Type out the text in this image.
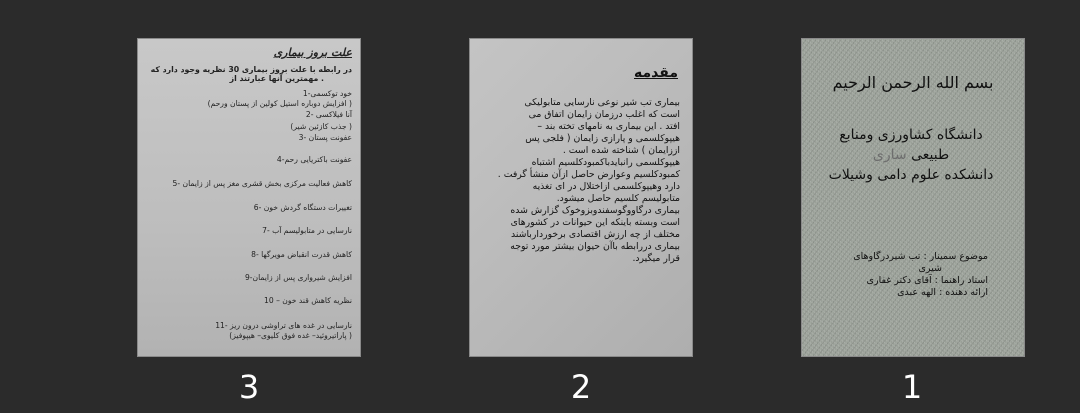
بسم الله الرحمن الرحیم
دانشگاه کشاورزی ومنابع
طبیعی ساری
دانشکده علوم دامی وشیلات
موضوع سمینار : تب شیردرگاوهای
شیری
استاد راهنما : آقای دکتر غفاری
ارائه دهنده : الهه عبدی
1
مقدمه
بیماری تب شیر نوعی نارسایی متابولیکی
است که اغلب درزمان زایمان اتفاق می
افتد . این بیماری به نامهای تخته بند –
هیپوکلسمی و پارازی زایمان ( فلجی پس
اززایمان ) شناخته شده است .
هیپوکلسمی رانبایدباکمبودکلسیم اشتباه
کمبودکلسیم وعوارض حاصل ازآن منشأ گرفت .
دارد وهیپوکلسمی ازاختلال در ای تغذیه
متابولیسم کلسیم حاصل میشود.
بیماری درگاووگوسفندوبزوخوک گزارش شده
است وبسته باینکه این حیوانات در کشورهای
مختلف از چه ارزش اقتصادی برخوردارباشند
بیماری دررابطه باآن حیوان بیشتر مورد توجه
قرار میگیرد.
2
علت بروز بیماری
در رابطه با علت بروز بیماری 30 نظریه وجود دارد که
. مهمترین آنها عبارتند از
خود توکسمی-1
( افزایش دوباره استیل کولین از پستان ورحم)
آنا فیلاکسی -2
( جذب کازئین شیر)
عفونت پستان -3
عفونت باکتریایی رحم-4
کاهش فعالیت مرکزی بخش قشری مغز پس از زایمان -5
تغییرات دستگاه گردش خون -6
نارسایی در متابولیسم آب -7
کاهش قدرت انقباض مویرگها -8
افزایش شیرواری پس از زایمان-9
نظریه کاهش قند خون – 10
نارسایی در غده های تراوشی درون ریز -11
( پاراتیروئید– غده فوق کلیوی– هیپوفیز)
3
